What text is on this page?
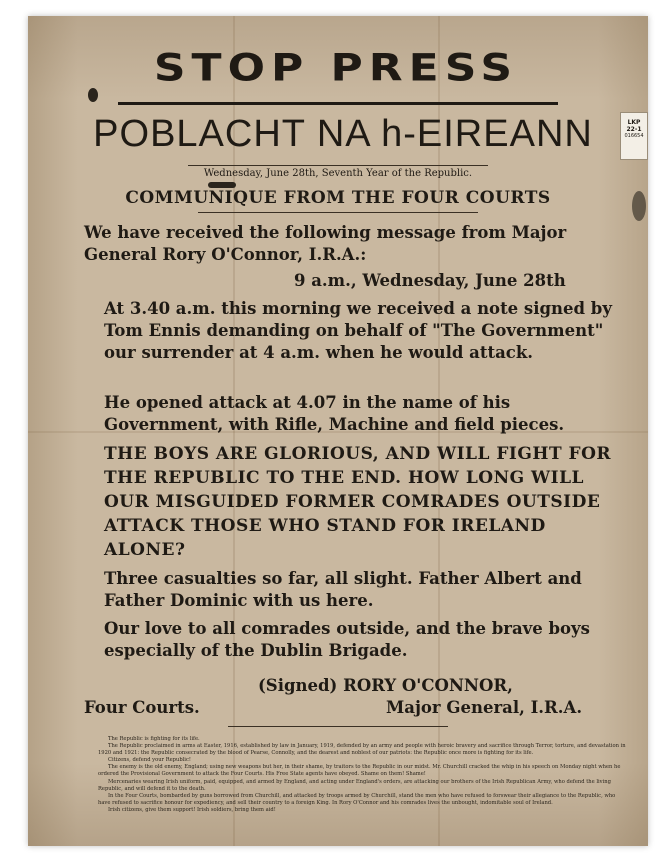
STOP PRESS
POBLACHT NA h-EIREANN	LKP
22-1
016654
Wednesday, June 28th, Seventh Year of the Republic.
COMMUNIQUE FROM THE FOUR COURTS
We have received the following message from Major General Rory O'Connor, I.R.A.:
9 a.m., Wednesday, June 28th
At 3.40 a.m. this morning we received a note signed by Tom Ennis demanding on behalf of "The Government" our surrender at 4 a.m. when he would attack.
He opened attack at 4.07 in the name of his Government, with Rifle, Machine and field pieces.
THE BOYS ARE GLORIOUS, AND WILL FIGHT FOR THE REPUBLIC TO THE END. HOW LONG WILL OUR MISGUIDED FORMER COMRADES OUTSIDE ATTACK THOSE WHO STAND FOR IRELAND ALONE?
Three casualties so far, all slight. Father Albert and Father Dominic with us here.
Our love to all comrades outside, and the brave boys especially of the Dublin Brigade.
(Signed) RORY O'CONNOR,
Four Courts.	Major General, I.R.A.
The Republic is fighting for its life.
The Republic proclaimed in arms at Easter, 1916, established by law in January, 1919, defended by an army and people with heroic bravery and sacrifice through Terror, torture, and devastation in 1920 and 1921: the Republic consecrated by the blood of Pearse, Connolly, and the dearest and noblest of our patriots: the Republic once more is fighting for its life.
Citizens, defend your Republic!
The enemy is the old enemy, England; using new weapons but her, in their shame, by traitors to the Republic in our midst. Mr. Churchill cracked the whip in his speech on Monday night when he ordered the Provisional Government to attack the Four Courts. His Free State agents have obeyed. Shame on them! Shame!
Mercenaries wearing Irish uniform, paid, equipped, and armed by England, and acting under England's orders, are attacking our brothers of the Irish Republican Army, who defend the living Republic, and will defend it to the death.
In the Four Courts, bombarded by guns borrowed from Churchill, and attacked by troops armed by Churchill, stand the men who have refused to forswear their allegiance to the Republic, who have refused to sacrifice honour for expediency, and sell their country to a foreign King. In Rory O'Connor and his comrades lives the unbought, indomitable soul of Ireland.
Irish citizens, give them support! Irish soldiers, bring them aid!
